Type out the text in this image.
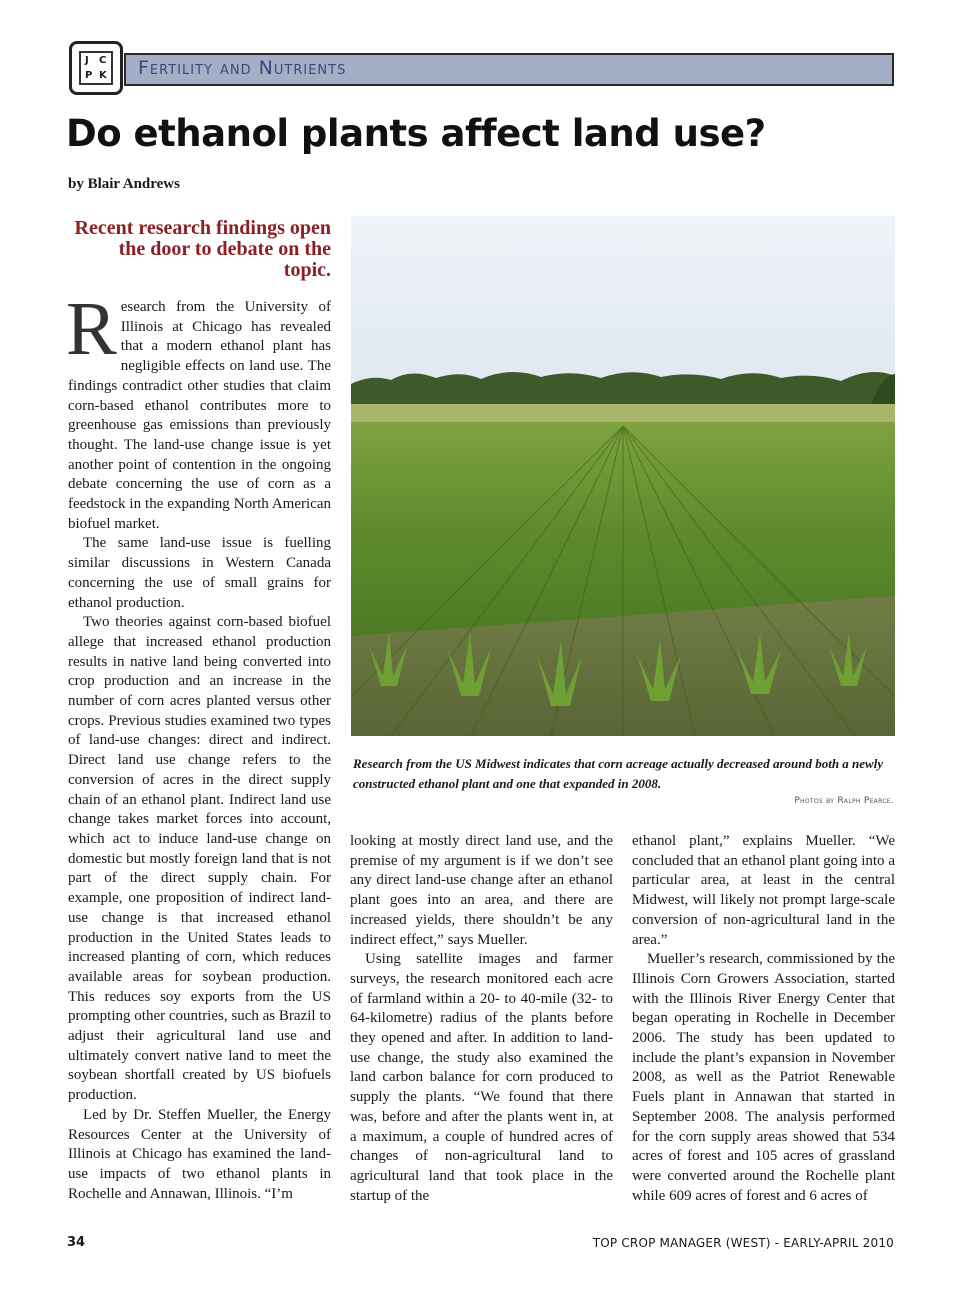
J C
P K Fertility and Nutrients
Do ethanol plants affect land use?
by Blair Andrews
Recent research findings open the door to debate on the topic.

Research from the University of Illinois at Chicago has revealed that a modern ethanol plant has negligible effects on land use. The findings contradict other studies that claim corn-based ethanol contributes more to greenhouse gas emissions than previously thought. The land-use change issue is yet another point of contention in the ongoing debate concerning the use of corn as a feedstock in the expanding North American biofuel market.

The same land-use issue is fuelling similar discussions in Western Canada concerning the use of small grains for ethanol production.

Two theories against corn-based biofuel allege that increased ethanol production results in native land being converted into crop production and an increase in the number of corn acres planted versus other crops. Previous studies examined two types of land-use changes: direct and indirect. Direct land use change refers to the conversion of acres in the direct supply chain of an ethanol plant. Indirect land use change takes market forces into account, which act to induce land-use change on domestic but mostly foreign land that is not part of the direct supply chain. For example, one proposition of indirect land-use change is that increased ethanol production in the United States leads to increased planting of corn, which reduces available areas for soybean production. This reduces soy exports from the US prompting other countries, such as Brazil to adjust their agricultural land use and ultimately convert native land to meet the soybean shortfall created by US biofuels production.

Led by Dr. Steffen Mueller, the Energy Resources Center at the University of Illinois at Chicago has examined the land-use impacts of two ethanol plants in Rochelle and Annawan, Illinois. “I’m

Research from the US Midwest indicates that corn acreage actually decreased around both a newly constructed ethanol plant and one that expanded in 2008.
Photos by Ralph Pearce.

looking at mostly direct land use, and the premise of my argument is if we don’t see any direct land-use change after an ethanol plant goes into an area, and there are increased yields, there shouldn’t be any indirect effect,” says Mueller.

Using satellite images and farmer surveys, the research monitored each acre of farmland within a 20- to 40-mile (32- to 64-kilometre) radius of the plants before they opened and after. In addition to land-use change, the study also examined the land carbon balance for corn produced to supply the plants. “We found that there was, before and after the plants went in, at a maximum, a couple of hundred acres of changes of non-agricultural land to agricultural land that took place in the startup of the

ethanol plant,” explains Mueller. “We concluded that an ethanol plant going into a particular area, at least in the central Midwest, will likely not prompt large-scale conversion of non-agricultural land in the area.”

Mueller’s research, commissioned by the Illinois Corn Growers Association, started with the Illinois River Energy Center that began operating in Rochelle in December 2006. The study has been updated to include the plant’s expansion in November 2008, as well as the Patriot Renewable Fuels plant in Annawan that started in September 2008. The analysis performed for the corn supply areas showed that 534 acres of forest and 105 acres of grassland were converted around the Rochelle plant while 609 acres of forest and 6 acres of

34	TOP CROP MANAGER (WEST) - EARLY-APRIL 2010
